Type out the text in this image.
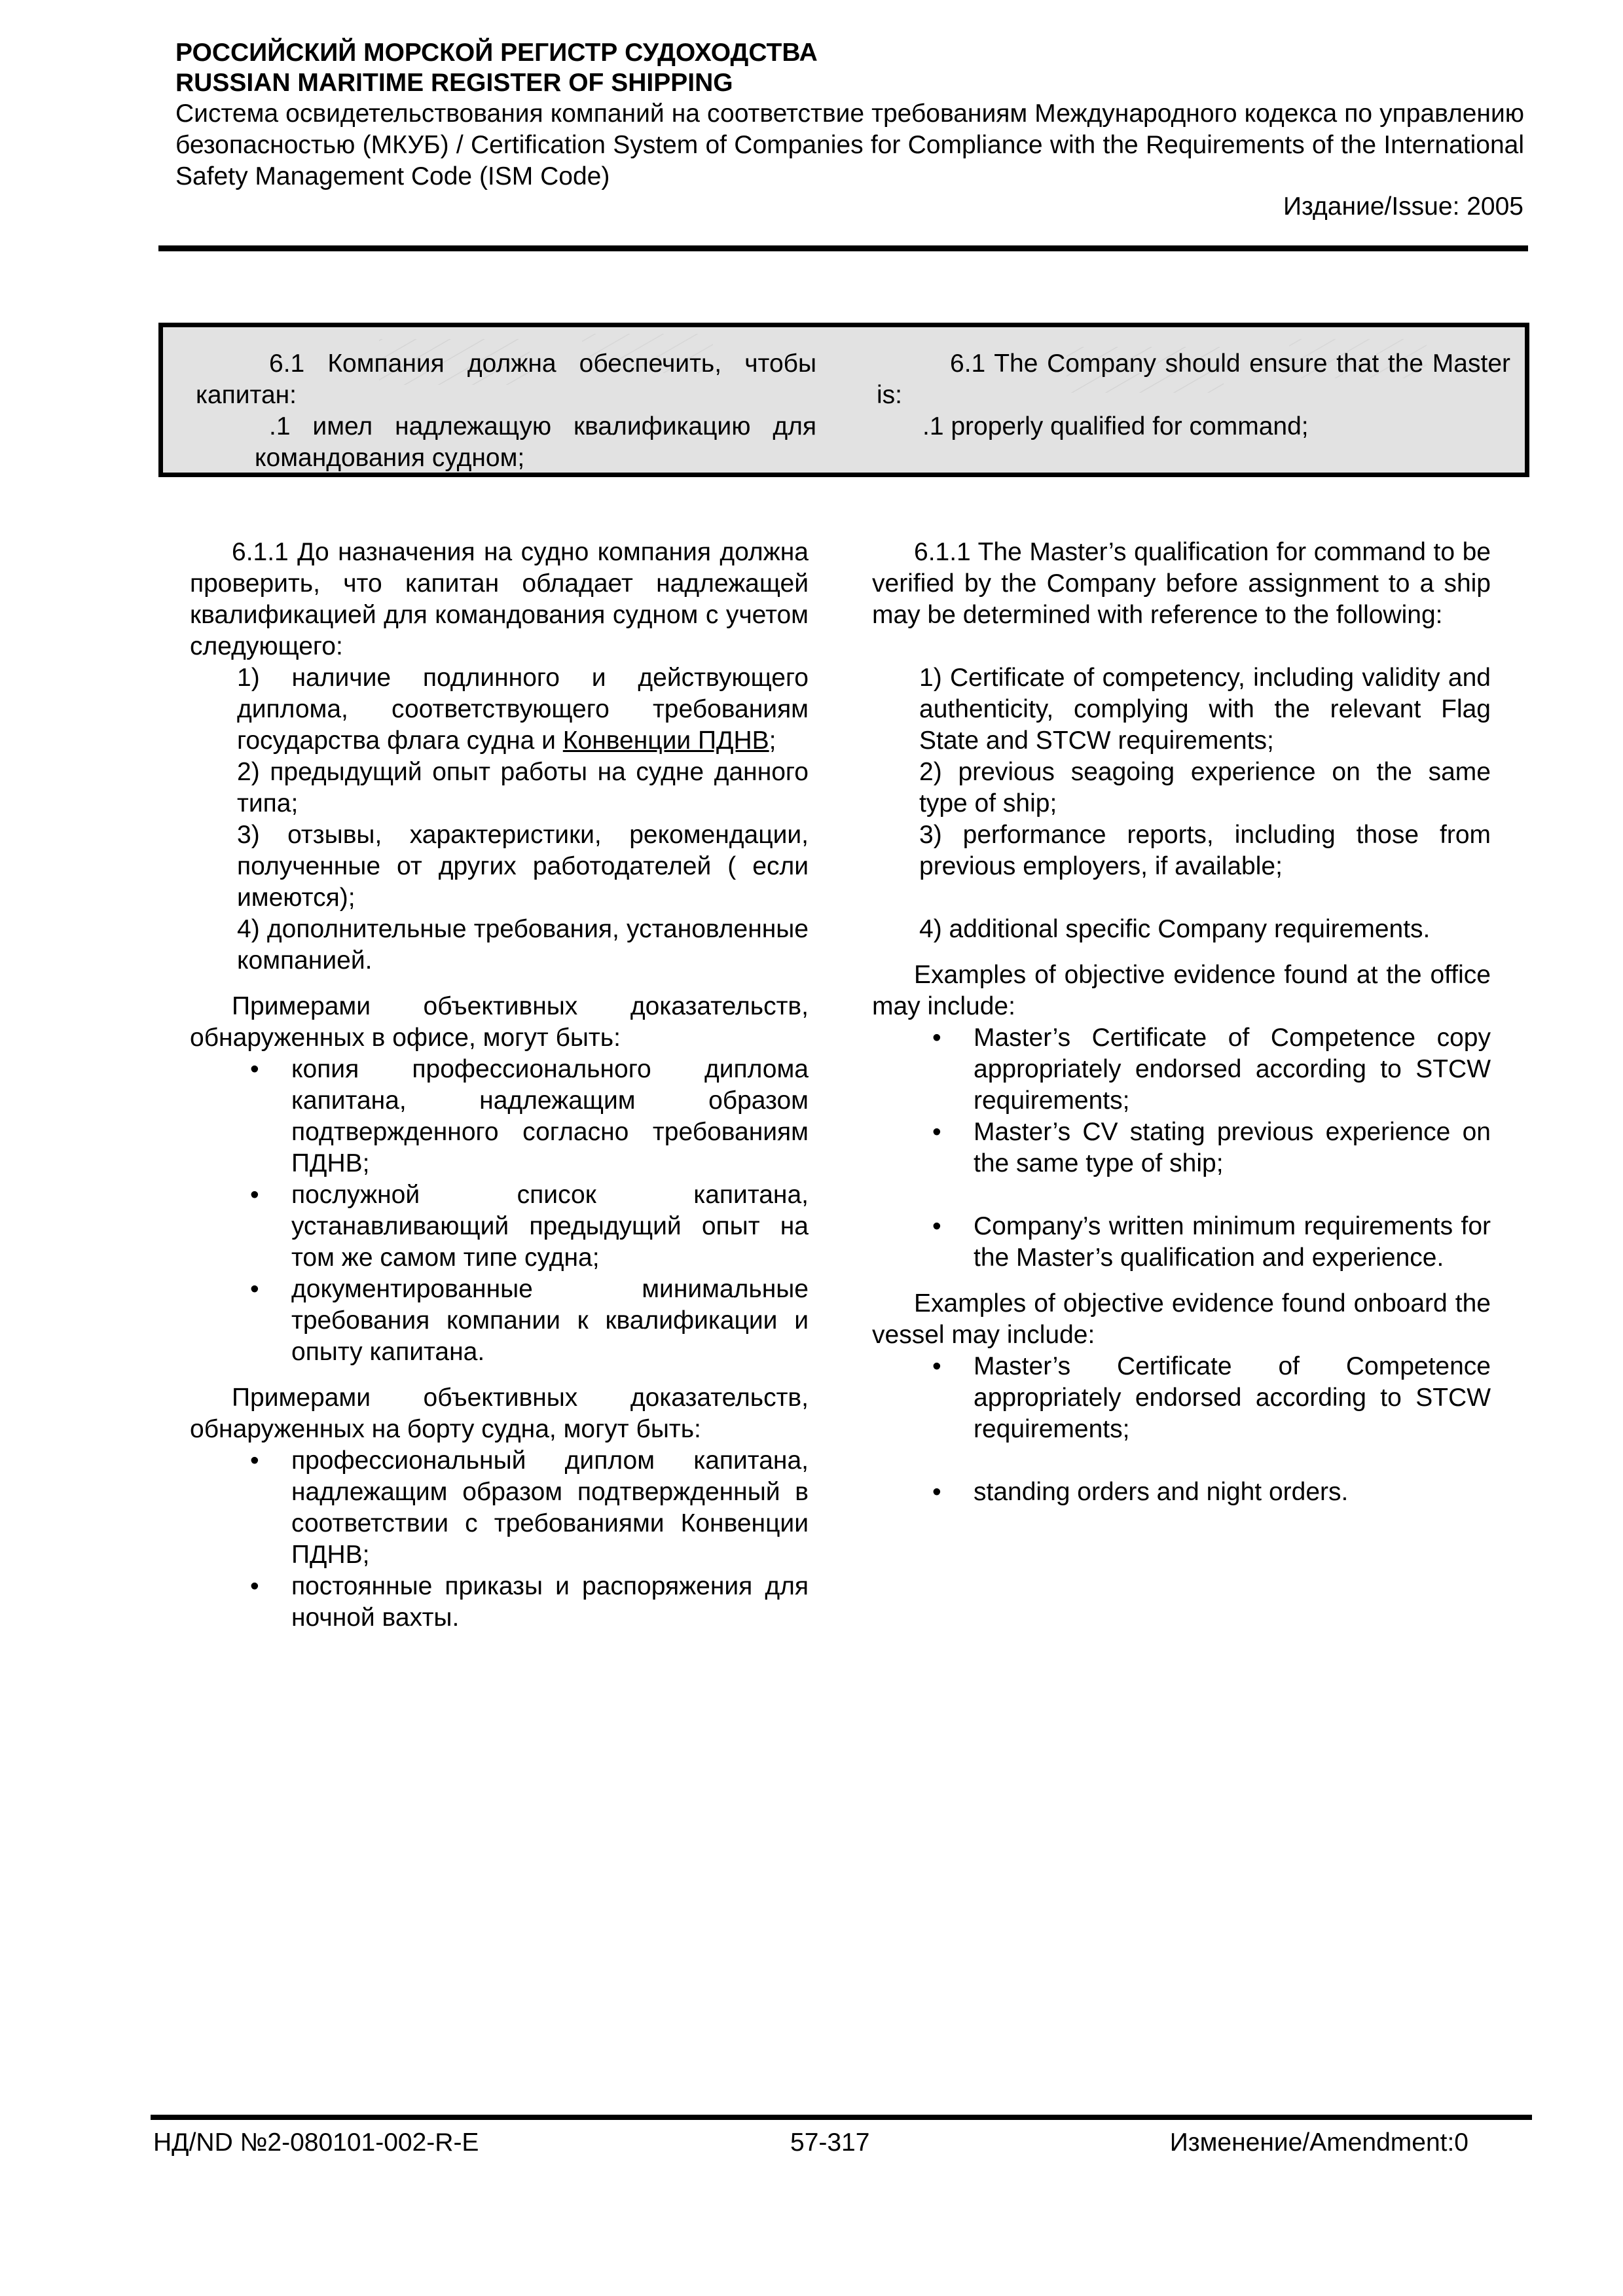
РОССИЙСКИЙ МОРСКОЙ РЕГИСТР СУДОХОДСТВА
RUSSIAN MARITIME REGISTER OF SHIPPING
Система освидетельствования компаний на соответствие требованиям Международного кодекса по управлению безопасностью (МКУБ) / Certification System of Companies for Compliance with the Requirements of the International Safety Management Code (ISM Code)
Издание/Issue: 2005
6.1 Компания должна обеспечить, чтобы капитан:
.1 имел надлежащую квалификацию для командования судном;
6.1 The Company should ensure that the Master is:
.1 properly qualified for command;
6.1.1 До назначения на судно компания должна проверить, что капитан обладает надлежащей квалификацией для командования судном с учетом следующего:
1) наличие подлинного и действующего диплома, соответствующего требованиям государства флага судна и Конвенции ПДНВ;
2) предыдущий опыт работы на судне данного типа;
3) отзывы, характеристики, рекомендации, полученные от других работодателей ( если имеются);
4) дополнительные требования, установленные компанией.
Примерами объективных доказательств, обнаруженных в офисе, могут быть:
• копия профессионального диплома капитана, надлежащим образом подтвержденного согласно требованиям ПДНВ;
• послужной список капитана, устанавливающий предыдущий опыт на том же самом типе судна;
• документированные минимальные требования компании к квалификации и опыту капитана.
Примерами объективных доказательств, обнаруженных на борту судна, могут быть:
• профессиональный диплом капитана, надлежащим образом подтвержденный в соответствии с требованиями Конвенции ПДНВ;
• постоянные приказы и распоряжения для ночной вахты.
6.1.1 The Master’s qualification for command to be verified by the Company before assignment to a ship may be determined with reference to the following:
1) Certificate of competency, including validity and authenticity, complying with the relevant Flag State and STCW requirements;
2) previous seagoing experience on the same type of ship;
3) performance reports, including those from previous employers, if available;
4) additional specific Company requirements.
Examples of objective evidence found at the office may include:
• Master’s Certificate of Competence copy appropriately endorsed according to STCW requirements;
• Master’s CV stating previous experience on the same type of ship;
• Company’s written minimum requirements for the Master’s qualification and experience.
Examples of objective evidence found onboard the vessel may include:
• Master’s Certificate of Competence appropriately endorsed according to STCW requirements;
• standing orders and night orders.
НД/ND №2-080101-002-R-E	57-317	Изменение/Amendment:0
